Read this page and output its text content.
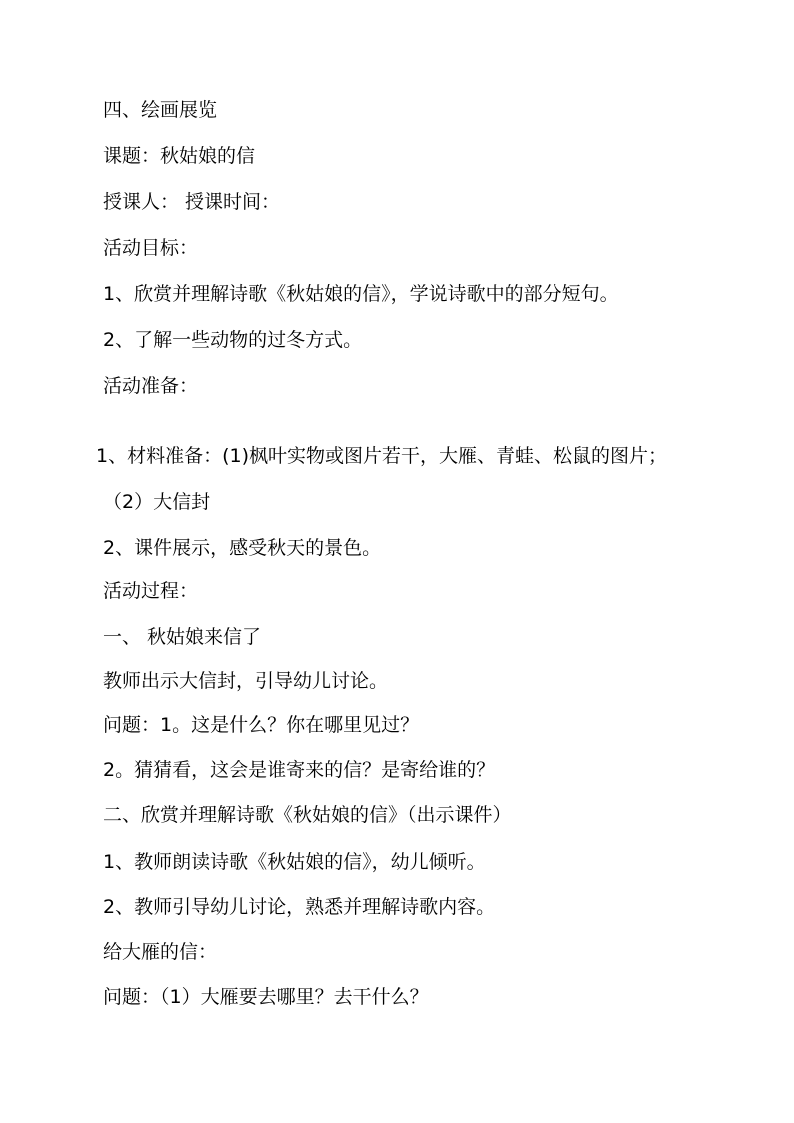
四、绘画展览
课题：秋姑娘的信
授课人： 授课时间：
活动目标：
1、欣赏并理解诗歌《秋姑娘的信》，学说诗歌中的部分短句。
2、了解一些动物的过冬方式。
活动准备：
1、材料准备：(1)枫叶实物或图片若干，大雁、青蛙、松鼠的图片；
（2）大信封
2、课件展示，感受秋天的景色。
活动过程：
一、 秋姑娘来信了
教师出示大信封，引导幼儿讨论。
问题：1。这是什么？你在哪里见过？
2。猜猜看，这会是谁寄来的信？是寄给谁的？
二、欣赏并理解诗歌《秋姑娘的信》（出示课件）
1、教师朗读诗歌《秋姑娘的信》，幼儿倾听。
2、教师引导幼儿讨论，熟悉并理解诗歌内容。
给大雁的信：
问题：（1）大雁要去哪里？去干什么？
